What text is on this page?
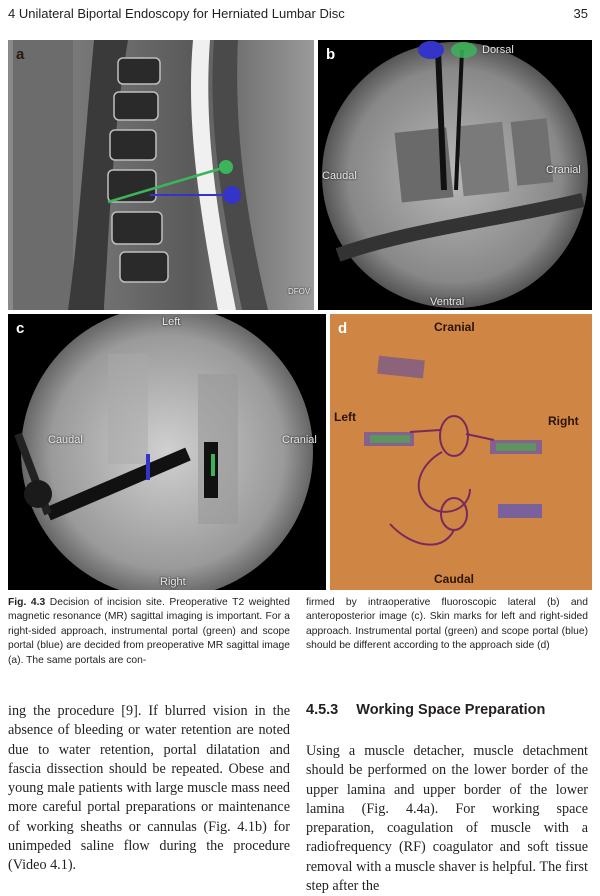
4 Unilateral Biportal Endoscopy for Herniated Lumbar Disc	35
a
DFOV
b	Dorsal
Caudal	Cranial
Ventral
c	Left
Caudal	Cranial
Right
d	Cranial
Left	Right
Caudal
Fig. 4.3 Decision of incision site. Preoperative T2 weighted magnetic resonance (MR) sagittal imaging is important. For a right-sided approach, instrumental portal (green) and scope portal (blue) are decided from preoperative MR sagittal image (a). The same portals are con-
firmed by intraoperative fluoroscopic lateral (b) and anteroposterior image (c). Skin marks for left and right-sided approach. Instrumental portal (green) and scope portal (blue) should be different according to the approach side (d)
ing the procedure [9]. If blurred vision in the absence of bleeding or water retention are noted due to water retention, portal dilatation and fascia dissection should be repeated. Obese and young male patients with large muscle mass need more careful portal preparations or maintenance of working sheaths or cannulas (Fig. 4.1b) for unimpeded saline flow during the procedure (Video 4.1).
4.5.3 Working Space Preparation
Using a muscle detacher, muscle detachment should be performed on the lower border of the upper lamina and upper border of the lower lamina (Fig. 4.4a). For working space preparation, coagulation of muscle with a radiofrequency (RF) coagulator and soft tissue removal with a muscle shaver is helpful. The first step after the
